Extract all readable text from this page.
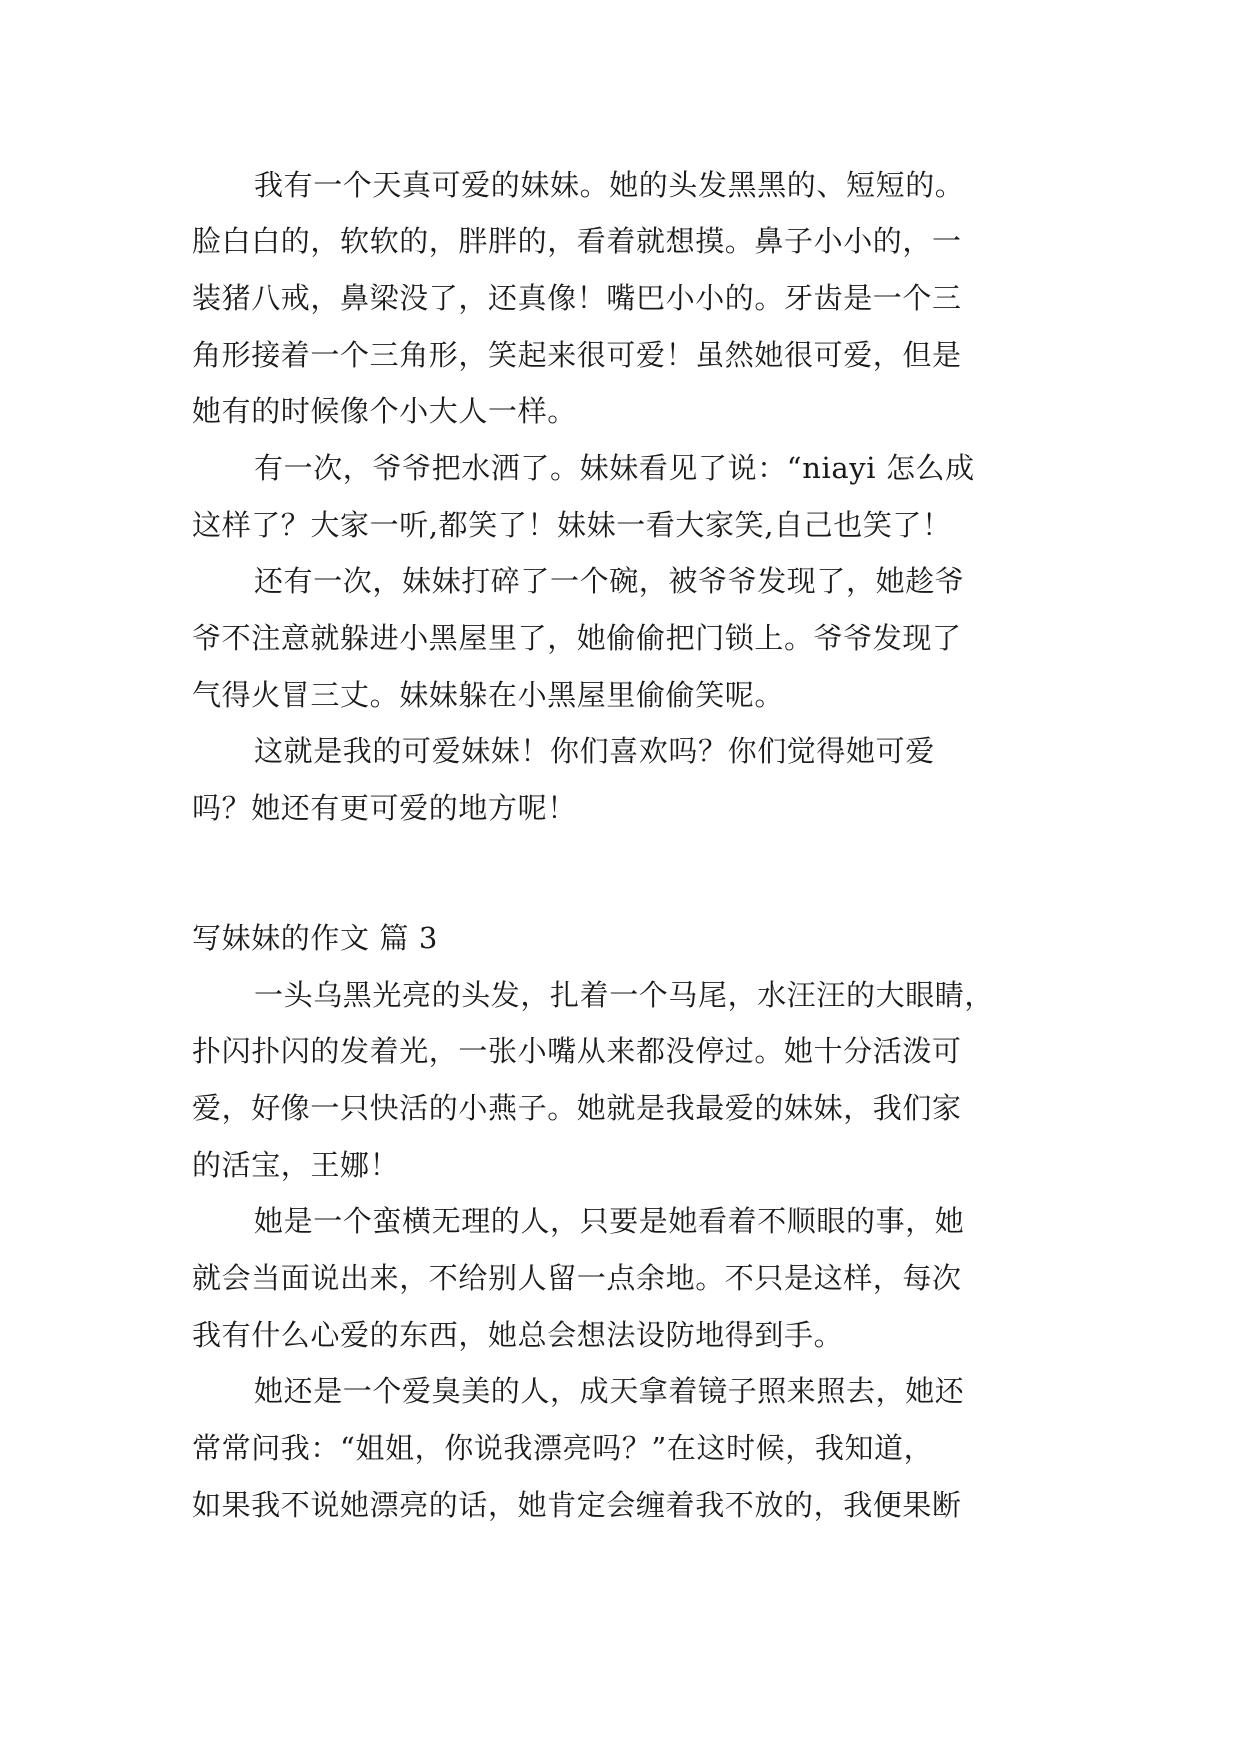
我有一个天真可爱的妹妹。她的头发黑黑的、短短的。
脸白白的，软软的，胖胖的，看着就想摸。鼻子小小的，一
装猪八戒，鼻梁没了，还真像！嘴巴小小的。牙齿是一个三
角形接着一个三角形，笑起来很可爱！虽然她很可爱，但是
她有的时候像个小大人一样。
有一次，爷爷把水洒了。妹妹看见了说：“niayi 怎么成
这样了？大家一听,都笑了！妹妹一看大家笑,自己也笑了！
还有一次，妹妹打碎了一个碗，被爷爷发现了，她趁爷
爷不注意就躲进小黑屋里了，她偷偷把门锁上。爷爷发现了
气得火冒三丈。妹妹躲在小黑屋里偷偷笑呢。
这就是我的可爱妹妹！你们喜欢吗？你们觉得她可爱
吗？她还有更可爱的地方呢！
写妹妹的作文 篇 3
一头乌黑光亮的头发，扎着一个马尾，水汪汪的大眼睛，
扑闪扑闪的发着光，一张小嘴从来都没停过。她十分活泼可
爱，好像一只快活的小燕子。她就是我最爱的妹妹，我们家
的活宝，王娜！
她是一个蛮横无理的人，只要是她看着不顺眼的事，她
就会当面说出来，不给别人留一点余地。不只是这样，每次
我有什么心爱的东西，她总会想法设防地得到手。
她还是一个爱臭美的人，成天拿着镜子照来照去，她还
常常问我：“姐姐，你说我漂亮吗？”在这时候，我知道，
如果我不说她漂亮的话，她肯定会缠着我不放的，我便果断
